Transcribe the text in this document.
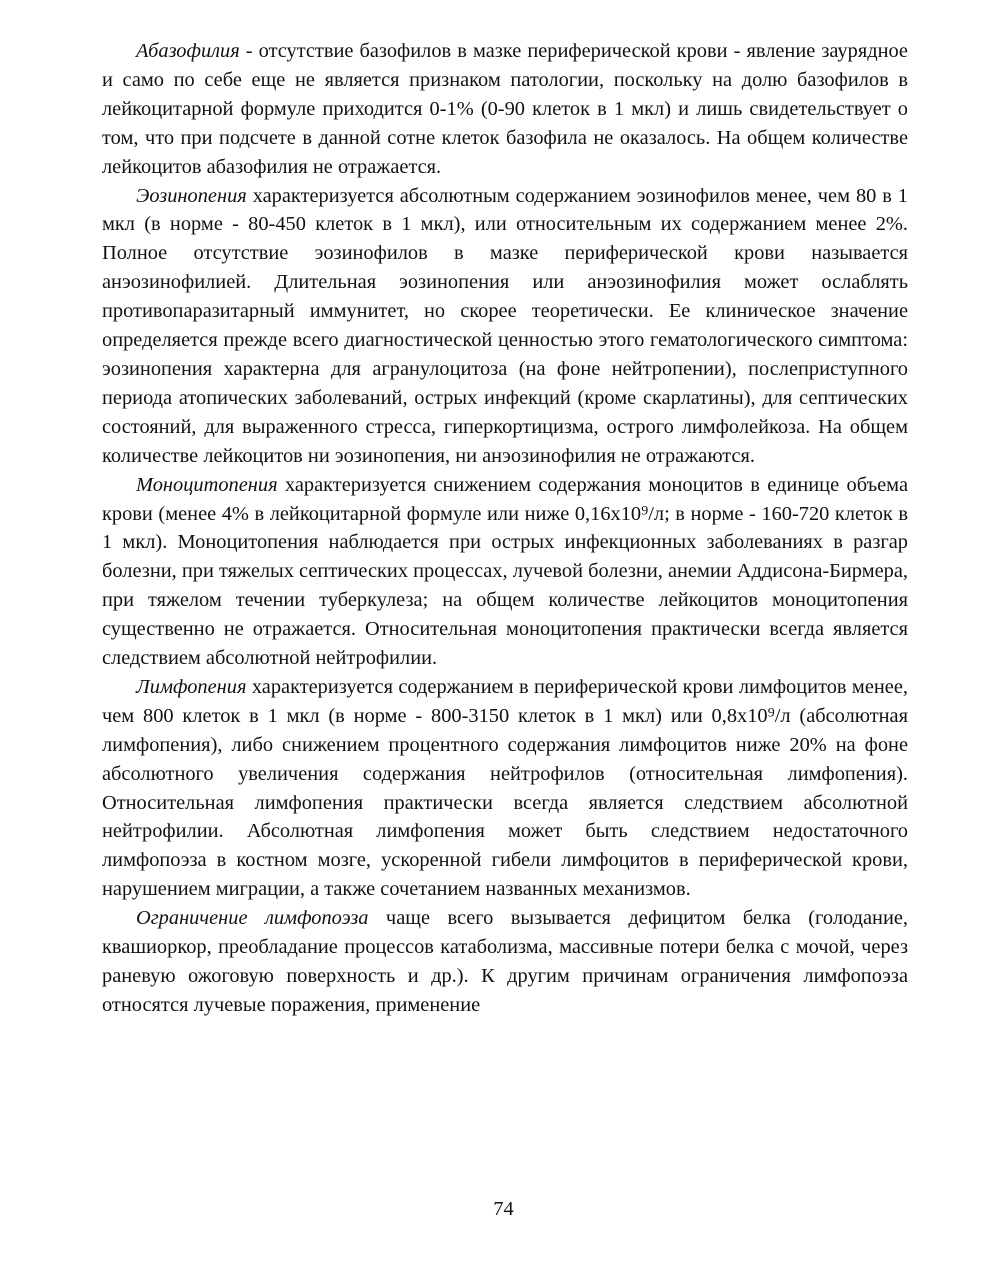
Абазофилия - отсутствие базофилов в мазке периферической крови - явление заурядное и само по себе еще не является признаком патологии, поскольку на долю базофилов в лейкоцитарной формуле приходится 0-1% (0-90 клеток в 1 мкл) и лишь свидетельствует о том, что при подсчете в данной сотне клеток базофила не оказалось. На общем количестве лейкоцитов абазофилия не отражается.

Эозинопения характеризуется абсолютным содержанием эозинофилов менее, чем 80 в 1 мкл (в норме - 80-450 клеток в 1 мкл), или относительным их содержанием менее 2%. Полное отсутствие эозинофилов в мазке периферической крови называется анэозинофилией. Длительная эозинопения или анэозинофилия может ослаблять противопаразитарный иммунитет, но скорее теоретически. Ее клиническое значение определяется прежде всего диагностической ценностью этого гематологического симптома: эозинопения характерна для агранулоцитоза (на фоне нейтропении), послеприступного периода атопических заболеваний, острых инфекций (кроме скарлатины), для септических состояний, для выраженного стресса, гиперкортицизма, острого лимфолейкоза. На общем количестве лейкоцитов ни эозинопения, ни анэозинофилия не отражаются.

Моноцитопения характеризуется снижением содержания моноцитов в единице объема крови (менее 4% в лейкоцитарной формуле или ниже 0,16х10⁹/л; в норме - 160-720 клеток в 1 мкл). Моноцитопения наблюдается при острых инфекционных заболеваниях в разгар болезни, при тяжелых септических процессах, лучевой болезни, анемии Аддисона-Бирмера, при тяжелом течении туберкулеза; на общем количестве лейкоцитов моноцитопения существенно не отражается. Относительная моноцитопения практически всегда является следствием абсолютной нейтрофилии.

Лимфопения характеризуется содержанием в периферической крови лимфоцитов менее, чем 800 клеток в 1 мкл (в норме - 800-3150 клеток в 1 мкл) или 0,8х10⁹/л (абсолютная лимфопения), либо снижением процентного содержания лимфоцитов ниже 20% на фоне абсолютного увеличения содержания нейтрофилов (относительная лимфопения). Относительная лимфопения практически всегда является следствием абсолютной нейтрофилии. Абсолютная лимфопения может быть следствием недостаточного лимфопоэза в костном мозге, ускоренной гибели лимфоцитов в периферической крови, нарушением миграции, а также сочетанием названных механизмов.

Ограничение лимфопоэза чаще всего вызывается дефицитом белка (голодание, квашиоркор, преобладание процессов катаболизма, массивные потери белка с мочой, через раневую ожоговую поверхность и др.). К другим причинам ограничения лимфопоэза относятся лучевые поражения, применение

74
